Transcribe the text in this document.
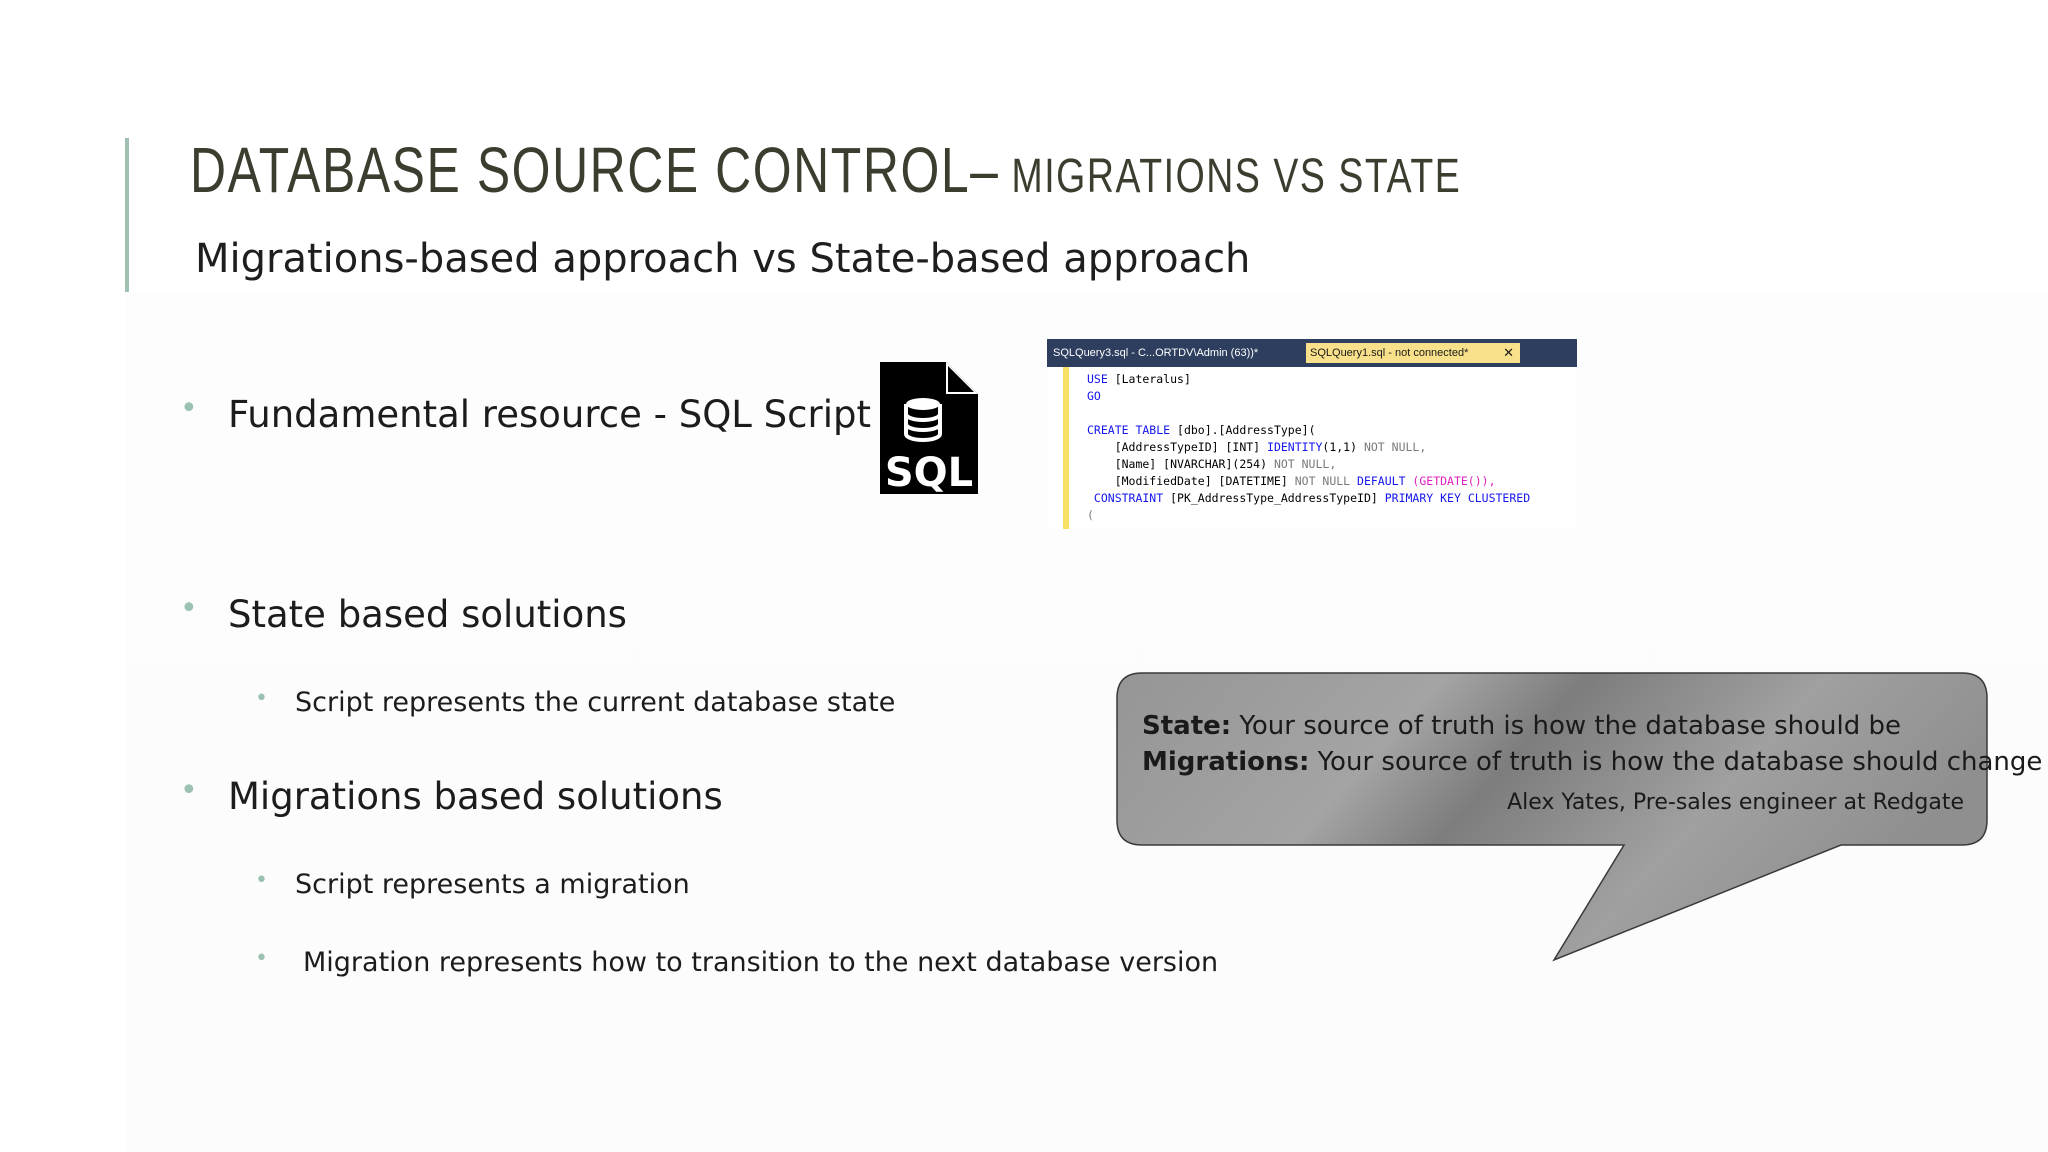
DATABASE SOURCE CONTROL– MIGRATIONS VS STATE
Migrations-based approach vs State-based approach
• Fundamental resource - SQL Script
• State based solutions
• Script represents the current database state
• Migrations based solutions
• Script represents a migration
• Migration represents how to transition to the next database version
SQL
SQLQuery3.sql - C...ORTDV\Admin (63))*	SQLQuery1.sql - not connected*	✕
USE [Lateralus]
GO

CREATE TABLE [dbo].[AddressType](
[AddressTypeID] [INT] IDENTITY(1,1) NOT NULL,
[Name] [NVARCHAR](254) NOT NULL,
[ModifiedDate] [DATETIME] NOT NULL DEFAULT (GETDATE()),
CONSTRAINT [PK_AddressType_AddressTypeID] PRIMARY KEY CLUSTERED
(
State: Your source of truth is how the database should be
Migrations: Your source of truth is how the database should change
Alex Yates, Pre-sales engineer at Redgate
